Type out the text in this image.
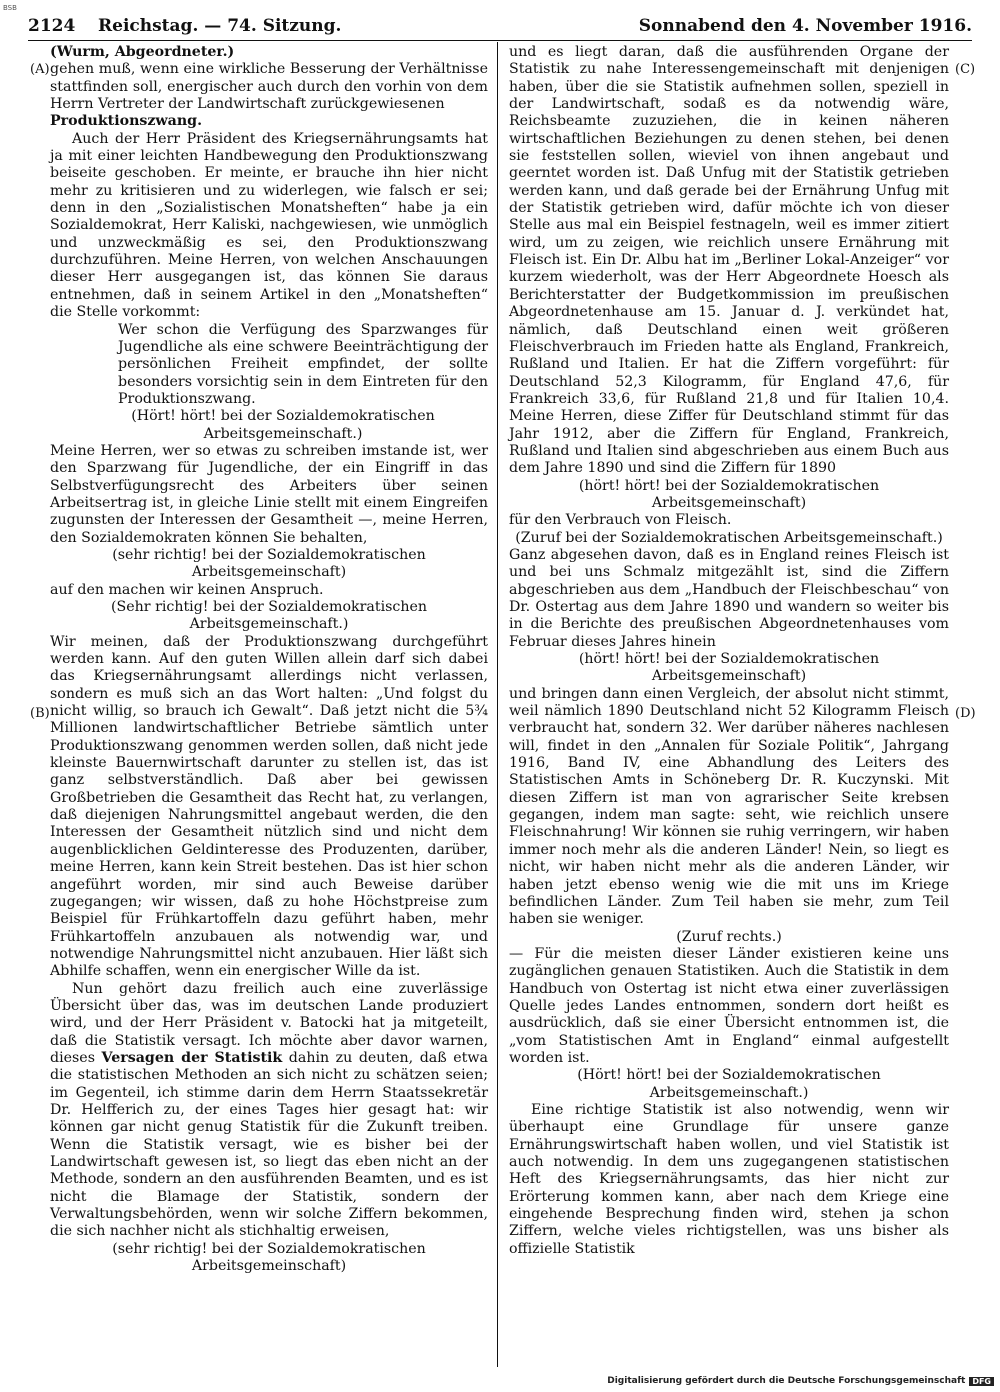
BSB
2124	Reichstag. — 74. Sitzung.	Sonnabend den 4. November 1916.
(A)
(B)
(C)
(D)

(Wurm, Abgeordneter.)

gehen muß, wenn eine wirkliche Besserung der Verhältnisse stattfinden soll, energischer auch durch den vorhin von dem Herrn Vertreter der Landwirtschaft zurückgewiesenen

Produktionszwang.

Auch der Herr Präsident des Kriegsernährungsamts hat ja mit einer leichten Handbewegung den Produktionszwang beiseite geschoben. Er meinte, er brauche ihn hier nicht mehr zu kritisieren und zu widerlegen, wie falsch er sei; denn in den „Sozialistischen Monatsheften“ habe ja ein Sozialdemokrat, Herr Kaliski, nachgewiesen, wie unmöglich und unzweckmäßig es sei, den Produktionszwang durchzuführen. Meine Herren, von welchen Anschauungen dieser Herr ausgegangen ist, das können Sie daraus entnehmen, daß in seinem Artikel in den „Monatsheften“ die Stelle vorkommt:

Wer schon die Verfügung des Sparzwanges für Jugendliche als eine schwere Beeinträchtigung der persönlichen Freiheit empfindet, der sollte besonders vorsichtig sein in dem Eintreten für den Produktionszwang.

(Hört! hört! bei der Sozialdemokratischen Arbeitsgemeinschaft.)

Meine Herren, wer so etwas zu schreiben imstande ist, wer den Sparzwang für Jugendliche, der ein Eingriff in das Selbstverfügungsrecht des Arbeiters über seinen Arbeitsertrag ist, in gleiche Linie stellt mit einem Eingreifen zugunsten der Interessen der Gesamtheit —, meine Herren, den Sozialdemokraten können Sie behalten,

(sehr richtig! bei der Sozialdemokratischen Arbeitsgemeinschaft)

auf den machen wir keinen Anspruch.

(Sehr richtig! bei der Sozialdemokratischen Arbeitsgemeinschaft.)

Wir meinen, daß der Produktionszwang durchgeführt werden kann. Auf den guten Willen allein darf sich dabei das Kriegsernährungsamt allerdings nicht verlassen, sondern es muß sich an das Wort halten: „Und folgst du nicht willig, so brauch ich Gewalt“. Daß jetzt nicht die 5¾ Millionen landwirtschaftlicher Betriebe sämtlich unter Produktionszwang genommen werden sollen, daß nicht jede kleinste Bauernwirtschaft darunter zu stellen ist, das ist ganz selbstverständlich. Daß aber bei gewissen Großbetrieben die Gesamtheit das Recht hat, zu verlangen, daß diejenigen Nahrungsmittel angebaut werden, die den Interessen der Gesamtheit nützlich sind und nicht dem augenblicklichen Geldinteresse des Produzenten, darüber, meine Herren, kann kein Streit bestehen. Das ist hier schon angeführt worden, mir sind auch Beweise darüber zugegangen; wir wissen, daß zu hohe Höchstpreise zum Beispiel für Frühkartoffeln dazu geführt haben, mehr Frühkartoffeln anzubauen als notwendig war, und notwendige Nahrungsmittel nicht anzubauen. Hier läßt sich Abhilfe schaffen, wenn ein energischer Wille da ist.

Nun gehört dazu freilich auch eine zuverlässige Übersicht über das, was im deutschen Lande produziert wird, und der Herr Präsident v. Batocki hat ja mitgeteilt, daß die Statistik versagt. Ich möchte aber davor warnen, dieses Versagen der Statistik dahin zu deuten, daß etwa die statistischen Methoden an sich nicht zu schätzen seien; im Gegenteil, ich stimme darin dem Herrn Staatssekretär Dr. Helfferich zu, der eines Tages hier gesagt hat: wir können gar nicht genug Statistik für die Zukunft treiben. Wenn die Statistik versagt, wie es bisher bei der Landwirtschaft gewesen ist, so liegt das eben nicht an der Methode, sondern an den ausführenden Beamten, und es ist nicht die Blamage der Statistik, sondern der Verwaltungsbehörden, wenn wir solche Ziffern bekommen, die sich nachher nicht als stichhaltig erweisen,

(sehr richtig! bei der Sozialdemokratischen Arbeitsgemeinschaft)

und es liegt daran, daß die ausführenden Organe der Statistik zu nahe Interessengemeinschaft mit denjenigen haben, über die sie Statistik aufnehmen sollen, speziell in der Landwirtschaft, sodaß es da notwendig wäre, Reichsbeamte zuzuziehen, die in keinen näheren wirtschaftlichen Beziehungen zu denen stehen, bei denen sie feststellen sollen, wieviel von ihnen angebaut und geerntet worden ist. Daß Unfug mit der Statistik getrieben werden kann, und daß gerade bei der Ernährung Unfug mit der Statistik getrieben wird, dafür möchte ich von dieser Stelle aus mal ein Beispiel festnageln, weil es immer zitiert wird, um zu zeigen, wie reichlich unsere Ernährung mit Fleisch ist. Ein Dr. Albu hat im „Berliner Lokal-Anzeiger“ vor kurzem wiederholt, was der Herr Abgeordnete Hoesch als Berichterstatter der Budgetkommission im preußischen Abgeordnetenhause am 15. Januar d. J. verkündet hat, nämlich, daß Deutschland einen weit größeren Fleischverbrauch im Frieden hatte als England, Frankreich, Rußland und Italien. Er hat die Ziffern vorgeführt: für Deutschland 52,3 Kilogramm, für England 47,6, für Frankreich 33,6, für Rußland 21,8 und für Italien 10,4. Meine Herren, diese Ziffer für Deutschland stimmt für das Jahr 1912, aber die Ziffern für England, Frankreich, Rußland und Italien sind abgeschrieben aus einem Buch aus dem Jahre 1890 und sind die Ziffern für 1890

(hört! hört! bei der Sozialdemokratischen Arbeitsgemeinschaft)

für den Verbrauch von Fleisch.

(Zuruf bei der Sozialdemokratischen Arbeitsgemeinschaft.)

Ganz abgesehen davon, daß es in England reines Fleisch ist und bei uns Schmalz mitgezählt ist, sind die Ziffern abgeschrieben aus dem „Handbuch der Fleischbeschau“ von Dr. Ostertag aus dem Jahre 1890 und wandern so weiter bis in die Berichte des preußischen Abgeordnetenhauses vom Februar dieses Jahres hinein

(hört! hört! bei der Sozialdemokratischen Arbeitsgemeinschaft)

und bringen dann einen Vergleich, der absolut nicht stimmt, weil nämlich 1890 Deutschland nicht 52 Kilogramm Fleisch verbraucht hat, sondern 32. Wer darüber näheres nachlesen will, findet in den „Annalen für Soziale Politik“, Jahrgang 1916, Band IV, eine Abhandlung des Leiters des Statistischen Amts in Schöneberg Dr. R. Kuczynski. Mit diesen Ziffern ist man von agrarischer Seite krebsen gegangen, indem man sagte: seht, wie reichlich unsere Fleischnahrung! Wir können sie ruhig verringern, wir haben immer noch mehr als die anderen Länder! Nein, so liegt es nicht, wir haben nicht mehr als die anderen Länder, wir haben jetzt ebenso wenig wie die mit uns im Kriege befindlichen Länder. Zum Teil haben sie mehr, zum Teil haben sie weniger.

(Zuruf rechts.)

— Für die meisten dieser Länder existieren keine uns zugänglichen genauen Statistiken. Auch die Statistik in dem Handbuch von Ostertag ist nicht etwa einer zuverlässigen Quelle jedes Landes entnommen, sondern dort heißt es ausdrücklich, daß sie einer Übersicht entnommen ist, die „vom Statistischen Amt in England“ einmal aufgestellt worden ist.

(Hört! hört! bei der Sozialdemokratischen Arbeitsgemeinschaft.)

Eine richtige Statistik ist also notwendig, wenn wir überhaupt eine Grundlage für unsere ganze Ernährungswirtschaft haben wollen, und viel Statistik ist auch notwendig. In dem uns zugegangenen statistischen Heft des Kriegsernährungsamts, das hier nicht zur Erörterung kommen kann, aber nach dem Kriege eine eingehende Besprechung finden wird, stehen ja schon Ziffern, welche vieles richtigstellen, was uns bisher als offizielle Statistik

Digitalisierung gefördert durch die Deutsche Forschungsgemeinschaft DFG
